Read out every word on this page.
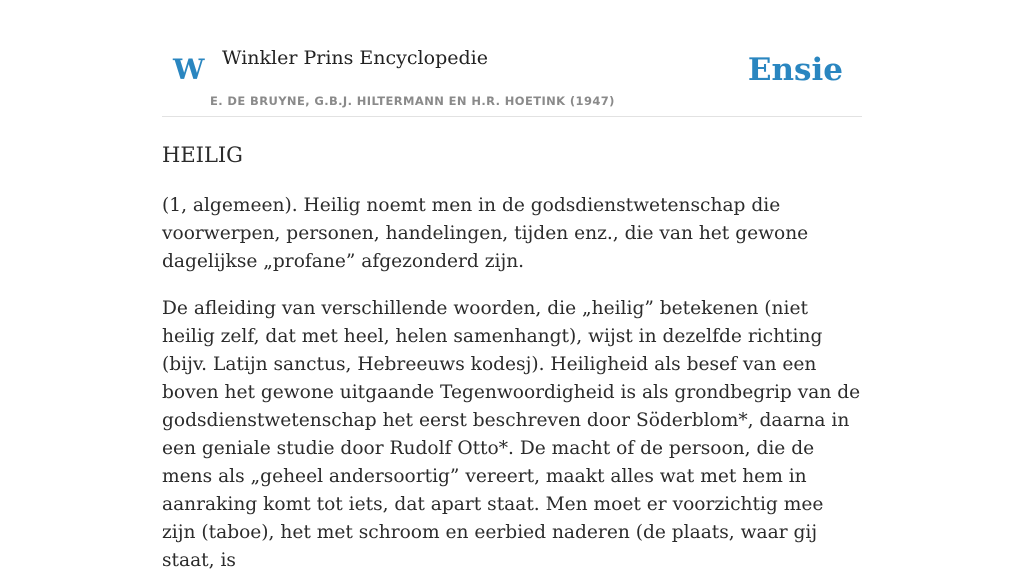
W Winkler Prins Encyclopedie
E. DE BRUYNE, G.B.J. HILTERMANN EN H.R. HOETINK (1947)
Ensie
HEILIG

(1, algemeen). Heilig noemt men in de godsdienstwetenschap die voorwerpen, personen, handelingen, tijden enz., die van het gewone dagelijkse „profane” afgezonderd zijn.

De afleiding van verschillende woorden, die „heilig” betekenen (niet heilig zelf, dat met heel, helen samenhangt), wijst in dezelfde richting (bijv. Latijn sanctus, Hebreeuws kodesj). Heiligheid als besef van een boven het gewone uitgaande Tegenwoordigheid is als grondbegrip van de godsdienstwetenschap het eerst beschreven door Söderblom*, daarna in een geniale studie door Rudolf Otto*. De macht of de persoon, die de mens als „geheel andersoortig” vereert, maakt alles wat met hem in aanraking komt tot iets, dat apart staat. Men moet er voorzichtig mee zijn (taboe), het met schroom en eerbied naderen (de plaats, waar gij staat, is
